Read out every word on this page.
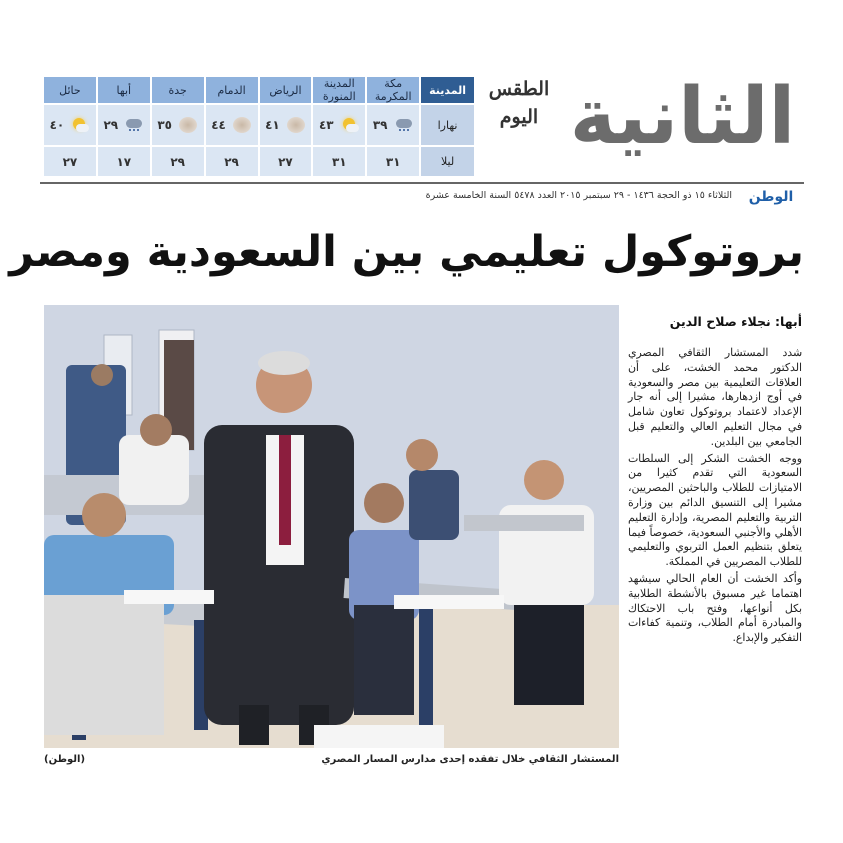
الثانية
الطقس
اليوم
المدينة	مكة المكرمة	المدينة المنورة	الرياض	الدمام	جدة	أبها	حائل
نهارا	٣٩	٤٣	٤١	٤٤	٣٥	٢٩	٤٠

ليلا	٣١	٣١	٢٧	٢٩	٢٩	١٧	٢٧
الوطن
الثلاثاء ١٥ ذو الحجة ١٤٣٦ - ٢٩ سبتمبر ٢٠١٥ العدد ٥٤٧٨ السنة الخامسة عشرة
بروتوكول تعليمي بين السعودية ومصر
المستشار الثقافي خلال تفقده إحدى مدارس المسار المصري
(الوطن)
أبها: نجلاء صلاح الدين

شدد المستشار الثقافي المصري الدكتور محمد الخشت، على أن العلاقات التعليمية بين مصر والسعودية في أوج ازدهارها، مشيرا إلى أنه جار الإعداد لاعتماد بروتوكول تعاون شامل في مجال التعليم العالي والتعليم قبل الجامعي بين البلدين.

ووجه الخشت الشكر إلى السلطات السعودية التي تقدم كثيرا من الامتيازات للطلاب والباحثين المصريين، مشيرا إلى التنسيق الدائم بين وزارة التربية والتعليم المصرية، وإدارة التعليم الأهلي والأجنبي السعودية، خصوصاً فيما يتعلق بتنظيم العمل التربوي والتعليمي للطلاب المصريين في المملكة.

وأكد الخشت أن العام الحالي سيشهد اهتماما غير مسبوق بالأنشطة الطلابية بكل أنواعها، وفتح باب الاحتكاك والمبادرة أمام الطلاب، وتنمية كفاءات التفكير والإبداع.
